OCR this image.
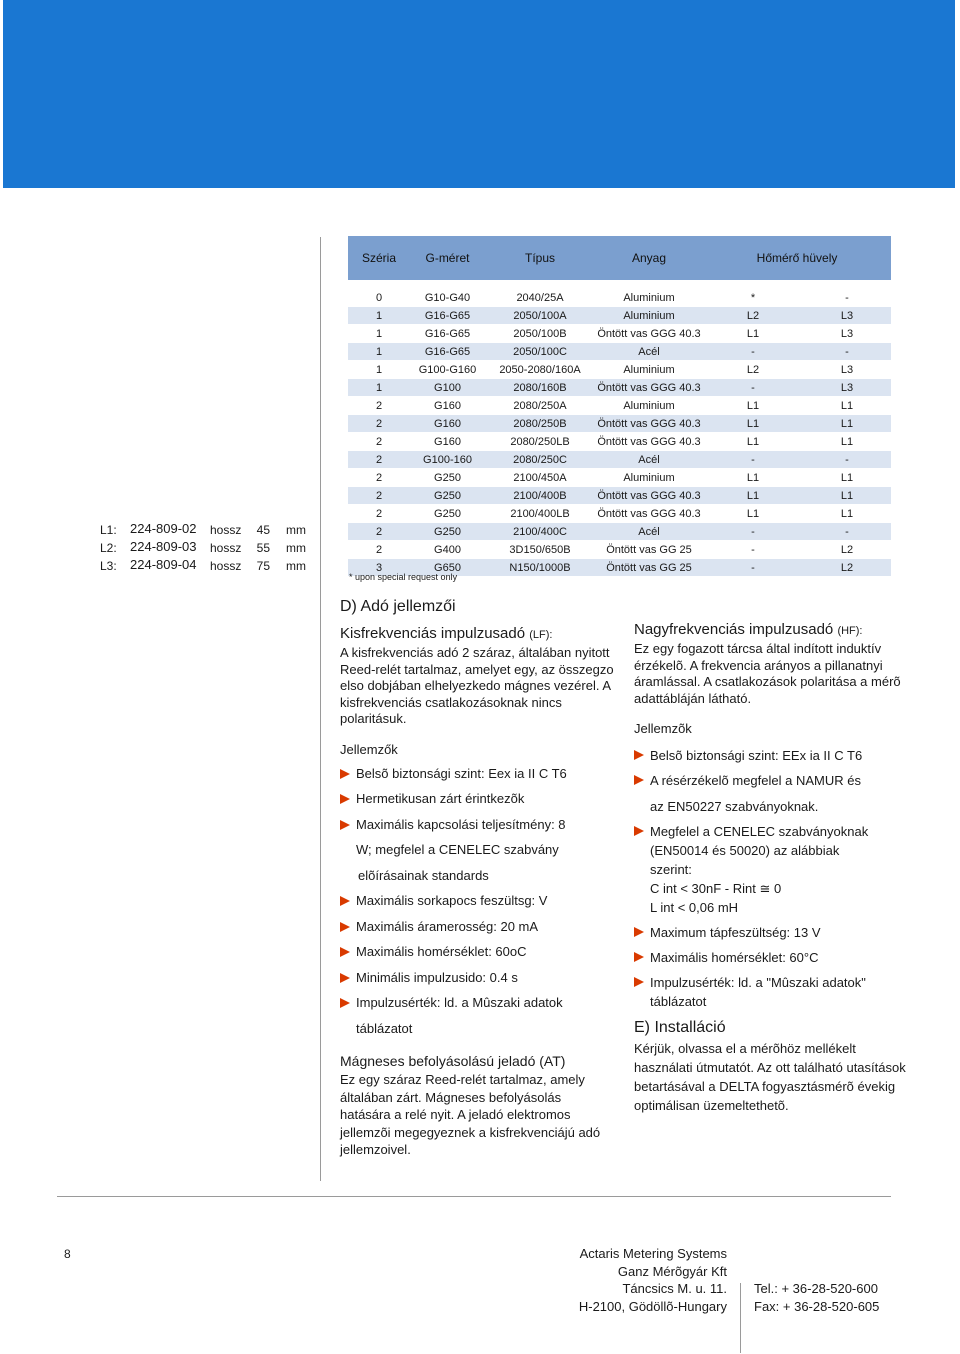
L1:	224-809-02	hossz	45	mm
L2:	224-809-03	hossz	55	mm
L3:	224-809-04	hossz	75	mm
Széria	G-méret	Típus	Anyag	Hőmérő hüvely	

0	G10-G40	2040/25A	Aluminium	*	-
1	G16-G65	2050/100A	Aluminium	L2	L3
1	G16-G65	2050/100B	Öntött vas GGG 40.3	L1	L3
1	G16-G65	2050/100C	Acél	-	-
1	G100-G160	2050-2080/160A	Aluminium	L2	L3
1	G100	2080/160B	Öntött vas GGG 40.3	-	L3
2	G160	2080/250A	Aluminium	L1	L1
2	G160	2080/250B	Öntött vas GGG 40.3	L1	L1
2	G160	2080/250LB	Öntött vas GGG 40.3	L1	L1
2	G100-160	2080/250C	Acél	-	-
2	G250	2100/450A	Aluminium	L1	L1
2	G250	2100/400B	Öntött vas GGG 40.3	L1	L1
2	G250	2100/400LB	Öntött vas GGG 40.3	L1	L1
2	G250	2100/400C	Acél	-	-
2	G400	3D150/650B	Öntött vas GG 25	-	L2
3	G650	N150/1000B	Öntött vas GG 25	-	L2
* upon special request only
D) Adó jellemzői
Kisfrekvenciás impulzusadó (LF):

A kisfrekvenciás adó 2 száraz, általában nyitott Reed-relét tartalmaz, amelyet egy, az összegzo elso dobjában elhelyezkedo mágnes vezérel. A kisfrekvenciás csatlakozásoknak nincs polaritásuk.

Jellemzők

Belsõ biztonsági szint: Eex ia II C T6
Hermetikusan zárt érintkezõk
Maximális kapcsolási teljesítmény: 8
W; megfelel a CENELEC szabvány
elõírásainak standards
Maximális sorkapocs feszültsg: V
Maximális áramerosség: 20 mA
Maximális homérséklet: 60oC
Minimális impulzusido: 0.4 s
Impulzusérték: ld. a Mûszaki adatok
táblázatot
Mágneses befolyásolású jeladó (AT)

Ez egy száraz Reed-relét tartalmaz, amely általában zárt. Mágneses befolyásolás hatására a relé nyit. A jeladó elektromos jellemzõi megegyeznek a kisfrekvenciájú adó jellemzoivel.

Nagyfrekvenciás impulzusadó (HF):

Ez egy fogazott tárcsa által indított induktív érzékelõ. A frekvencia arányos a pillanatnyi áramlással. A csatlakozások polaritása a mérõ adattábláján látható.

Jellemzõk

Belsõ biztonsági szint: EEx ia II C T6
A résérzékelõ megfelel a NAMUR és
az EN50227 szabványoknak.
Megfelel a CENELEC szabványoknak
(EN50014 és 50020) az alábbiak
szerint:
C int < 30nF - Rint ≅ 0
L int < 0,06 mH
Maximum tápfeszültség: 13 V
Maximális homérséklet: 60°C
Impulzusérték: ld. a "Mûszaki adatok"
táblázatot
E) Installáció

Kérjük, olvassa el a mérõhöz mellékelt használati útmutatót. Az ott található utasítások betartásával a DELTA fogyasztásmérõ évekig optimálisan üzemeltethetõ.

8	Actaris Metering Systems
Ganz Mérõgyár Kft
Táncsics M. u. 11.
H-2100, Gödöllõ-Hungary
Tel.: + 36-28-520-600
Fax: + 36-28-520-605
